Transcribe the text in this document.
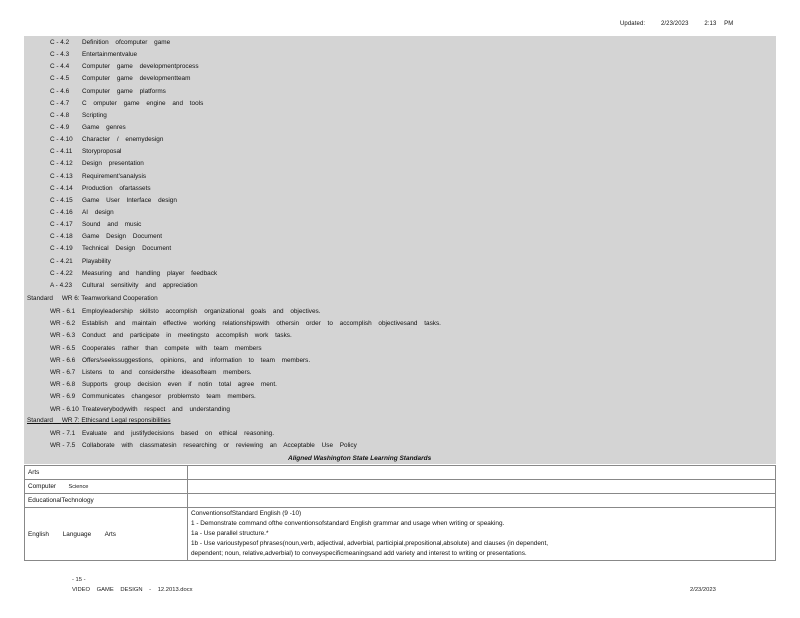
Updated:	2/23/2023	2:13 PM
C - 4.2 Definition ofcomputer game
C - 4.3 Entertainmentvalue
C - 4.4 Computer game developmentprocess
C - 4.5 Computer game developmentteam
C - 4.6 Computer game platforms
C - 4.7 C omputer game engine and tools
C - 4.8 Scripting
C - 4.9 Game genres
C - 4.10 Character / enemydesign
C - 4.11 Storyproposal
C - 4.12 Design presentation
C - 4.13 Requirement'sanalysis
C - 4.14 Production ofartassets
C - 4.15 Game User Interface design
C - 4.16 AI design
C - 4.17 Sound and music
C - 4.18 Game Design Document
C - 4.19 Technical Design Document
C - 4.21 Playability
C - 4.22 Measuring and handling player feedback
A - 4.23 Cultural sensitivity and appreciation
Standard WR 6: Teamworkand Cooperation
WR - 6.1 Employleadership skillsto accomplish organizational goals and objectives.
WR - 6.2 Establish and maintain effective working relationshipswith othersin order to accomplish objectivesand tasks.
WR - 6.3 Conduct and participate in meetingsto accomplish work tasks.
WR - 6.5 Cooperates rather than compete with team members
WR - 6.6 Offers/seekssuggestions, opinions, and information to team members.
WR - 6.7 Listens to and considersthe ideasofteam members.
WR - 6.8 Supports group decision even if notin total agree ment.
WR - 6.9 Communicates changesor problemsto team members.
WR - 6.10 Treateverybodywith respect and understanding
Standard WR 7: Ethicsand Legal responsibilities
WR - 7.1 Evaluate and justifydecisions based on ethical reasoning.
WR - 7.5 Collaborate with classmatesin researching or reviewing an Acceptable Use Policy
Aligned Washington State Learning Standards
Arts	
Computer Science	
EducationalTechnology	
English Language Arts	ConventionsofStandard English (9 -10)
1 - Demonstrate command ofthe conventionsofstandard English grammar and usage when writing or speaking.
1a - Use parallel structure.*
1b - Use varioustypesof phrases(noun,verb, adjectival, adverbial, participial,prepositional,absolute) and clauses (in dependent,
dependent; noun, relative,adverbial) to conveyspecificmeaningsand add variety and interest to writing or presentations.
- 15 -
VIDEO GAME DESIGN - 12.2013.docx	2/23/2023
